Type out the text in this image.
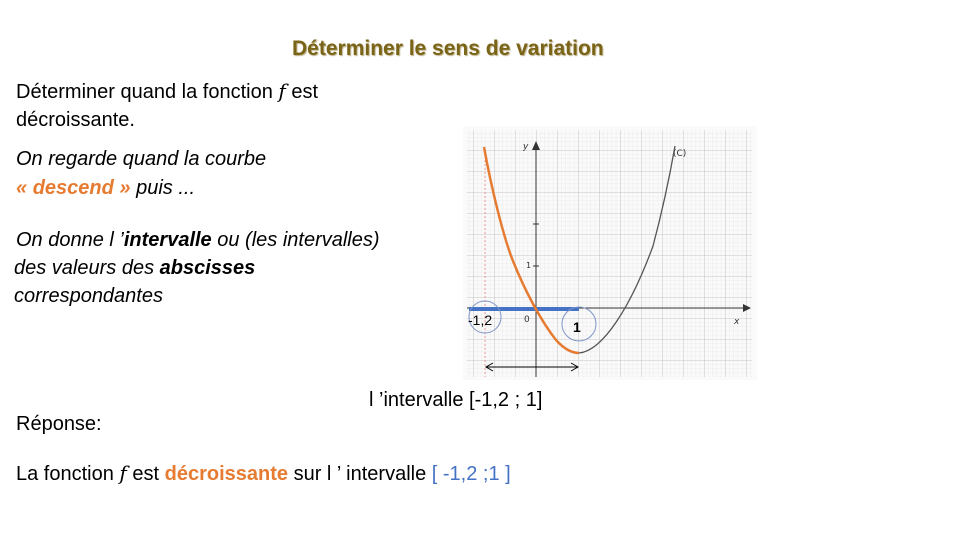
Déterminer le sens de variation
Déterminer quand la fonction f est
décroissante.
On regarde quand la courbe
« descend » puis ...
On donne l ’intervalle ou (les intervalles)
des valeurs des abscisses
correspondantes
y
x
(C)
0
1
-1,2	1
l ’intervalle [-1,2 ; 1]
Réponse:
La fonction f est décroissante sur l ’ intervalle [ -1,2 ;1 ]
